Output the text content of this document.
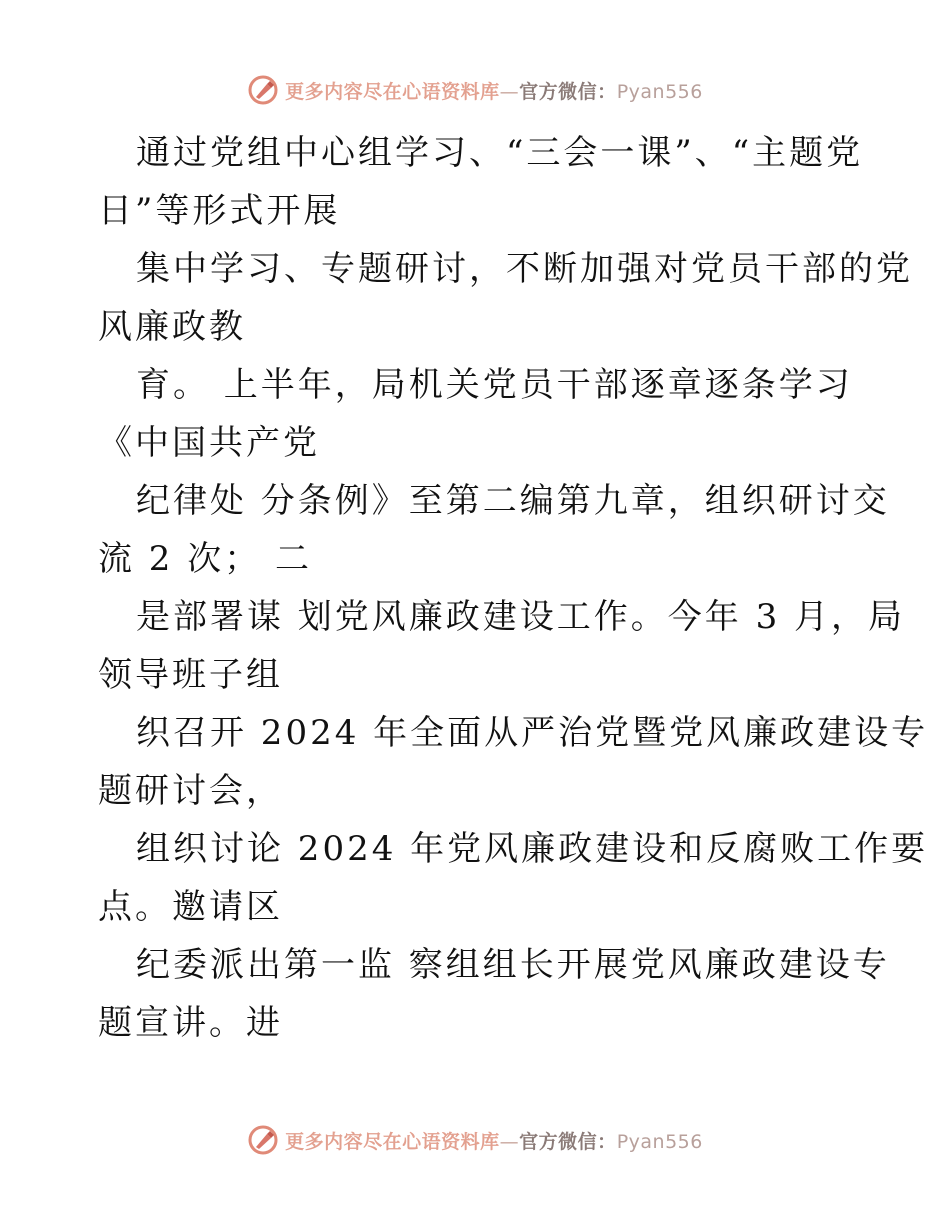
更多内容尽在心语资料库—官方微信：Pyan556

通过党组中心组学习、“三会一课”、“主题党
日”等形式开展

集中学习、专题研讨，不断加强对党员干部的党
风廉政教

育。 上半年，局机关党员干部逐章逐条学习
《中国共产党

纪律处 分条例》至第二编第九章，组织研讨交
流 2 次； 二

是部署谋 划党风廉政建设工作。今年 3 月，局
领导班子组

织召开 2024 年全面从严治党暨党风廉政建设专
题研讨会，

组织讨论 2024 年党风廉政建设和反腐败工作要
点。邀请区

纪委派出第一监 察组组长开展党风廉政建设专
题宣讲。进

更多内容尽在心语资料库—官方微信：Pyan556
